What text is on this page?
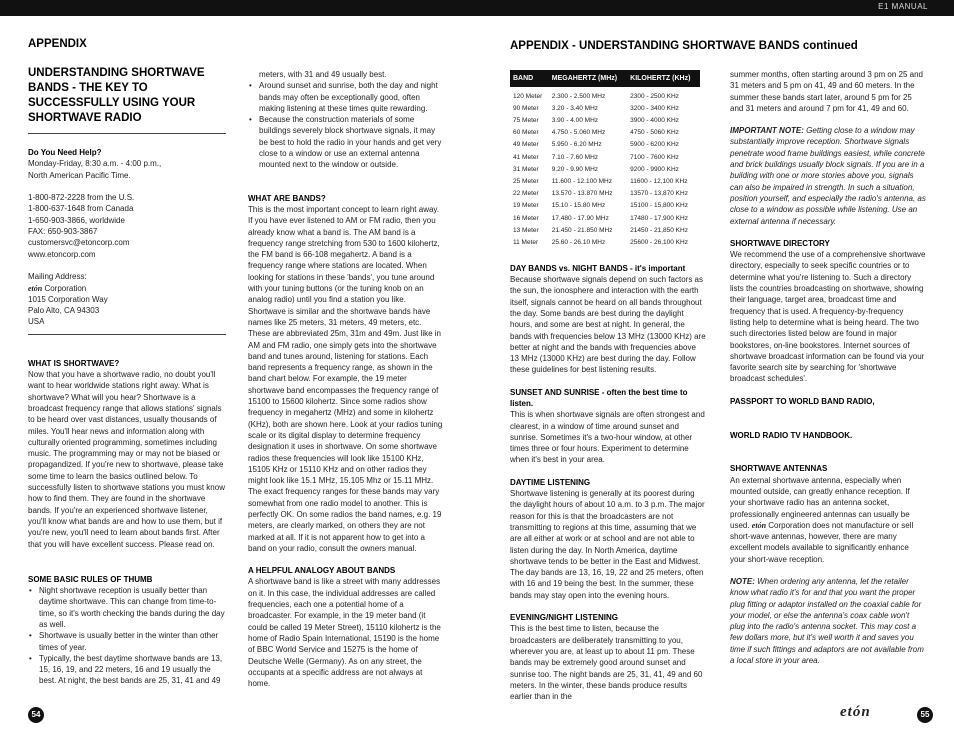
E1 MANUAL
APPENDIX

UNDERSTANDING SHORTWAVE BANDS - THE KEY TO SUCCESSFULLY USING YOUR SHORTWAVE RADIO

Do You Need Help?

Monday-Friday, 8:30 a.m. - 4:00 p.m.,
North American Pacific Time.
1-800-872-2228 from the U.S.
1-800-637-1648 from Canada
1-650-903-3866, worldwide
FAX: 650-903-3867
customersvc@etoncorp.com
www.etoncorp.com
Mailing Address:
etón Corporation
1015 Corporation Way
Palo Alto, CA 94303
USA

WHAT IS SHORTWAVE?

Now that you have a shortwave radio, no doubt you'll want to hear worldwide stations right away. What is shortwave? What will you hear? Shortwave is a broadcast frequency range that allows stations' signals to be heard over vast distances, usually thousands of miles. You'll hear news and information along with culturally oriented programming, sometimes including music. The programming may or may not be biased or propagandized. If you're new to shortwave, please take some time to learn the basics outlined below. To successfully listen to shortwave stations you must know how to find them. They are found in the shortwave bands. If you're an experienced shortwave listener, you'll know what bands are and how to use them, but if you're new, you'll need to learn about bands first. After that you will have excellent success. Please read on.

SOME BASIC RULES OF THUMB

• Night shortwave reception is usually better than daytime shortwave. This can change from time-to-time, so it's worth checking the bands during the day as well.
• Shortwave is usually better in the winter than other times of year.
• Typically, the best daytime shortwave bands are 13, 15, 16, 19, and 22 meters, 16 and 19 usually the best. At night, the best bands are 25, 31, 41 and 49

meters, with 31 and 49 usually best.

• Around sunset and sunrise, both the day and night bands may often be exceptionally good, often making listening at these times quite rewarding.
• Because the construction materials of some buildings severely block shortwave signals, it may be best to hold the radio in your hands and get very close to a window or use an external antenna mounted next to the window or outside.

WHAT ARE BANDS?

This is the most important concept to learn right away. If you have ever listened to AM or FM radio, then you already know what a band is. The AM band is a frequency range stretching from 530 to 1600 kilohertz, the FM band is 66-108 megahertz. A band is a frequency range where stations are located. When looking for stations in these 'bands', you tune around with your tuning buttons (or the tuning knob on an analog radio) until you find a station you like. Shortwave is similar and the shortwave bands have names like 25 meters, 31 meters, 49 meters, etc. These are abbreviated 25m, 31m and 49m. Just like in AM and FM radio, one simply gets into the shortwave band and tunes around, listening for stations. Each band represents a frequency range, as shown in the band chart below. For example, the 19 meter shortwave band encompasses the frequency range of 15100 to 15600 kilohertz. Since some radios show frequency in megahertz (MHz) and some in kilohertz (KHz), both are shown here. Look at your radios tuning scale or its digital display to determine frequency designation it uses in shortwave. On some shortwave radios these frequencies will look like 15100 KHz, 15105 KHz or 15110 KHz and on other radios they might look like 15.1 MHz, 15.105 Mhz or 15.11 MHz. The exact frequency ranges for these bands may vary somewhat from one radio model to another. This is perfectly OK. On some radios the band names, e.g. 19 meters, are clearly marked, on others they are not marked at all. If it is not apparent how to get into a band on your radio, consult the owners manual.

A HELPFUL ANALOGY ABOUT BANDS

A shortwave band is like a street with many addresses on it. In this case, the individual addresses are called frequencies, each one a potential home of a broadcaster. For example, in the 19 meter band (it could be called 19 Meter Street), 15110 kilohertz is the home of Radio Spain International, 15190 is the home of BBC World Service and 15275 is the home of Deutsche Welle (Germany). As on any street, the occupants at a specific address are not always at home.

54
APPENDIX - UNDERSTANDING SHORTWAVE BANDS continued
BAND	MEGAHERTZ (MHz)	KILOHERTZ (KHz)
120 Meter	2.300 - 2.500 MHz	2300 - 2500 KHz
90 Meter	3.20 - 3.40 MHz	3200 - 3400 KHz
75 Meter	3.90 - 4.00 MHz	3900 - 4000 KHz
60 Meter	4.750 - 5.060 MHz	4750 - 5060 KHz
49 Meter	5.950 - 6.20 MHz	5900 - 6200 KHz
41 Meter	7.10 - 7.60 MHz	7100 - 7600 KHz
31 Meter	9.20 - 9.90 MHz	9200 - 9900 KHz
25 Meter	11.600 - 12.100 MHz	11600 - 12,100 KHz
22 Meter	13.570 - 13.870 MHz	13570 - 13,870 KHz
19 Meter	15.10 - 15.80 MHz	15100 - 15,800 KHz
16 Meter	17.480 - 17.90 MHz	17480 - 17,900 KHz
13 Meter	21.450 - 21.850 MHz	21450 - 21,850 KHz
11 Meter	25.60 - 26.10 MHz	25600 - 26,100 KHz

DAY BANDS vs. NIGHT BANDS - it's important

Because shortwave signals depend on such factors as the sun, the ionosphere and interaction with the earth itself, signals cannot be heard on all bands throughout the day. Some bands are best during the daylight hours, and some are best at night. In general, the bands with frequencies below 13 MHz (13000 KHz) are better at night and the bands with frequencies above 13 MHz (13000 KHz) are best during the day. Follow these guidelines for best listening results.

SUNSET AND SUNRISE - often the best time to listen.

This is when shortwave signals are often strongest and clearest, in a window of time around sunset and sunrise. Sometimes it's a two-hour window, at other times three or four hours. Experiment to determine when it's best in your area.

DAYTIME LISTENING

Shortwave listening is generally at its poorest during the daylight hours of about 10 a.m. to 3 p.m. The major reason for this is that the broadcasters are not transmitting to regions at this time, assuming that we are all either at work or at school and are not able to listen during the day. In North America, daytime shortwave tends to be better in the East and Midwest. The day bands are 13, 16, 19, 22 and 25 meters, often with 16 and 19 being the best. In the summer, these bands may stay open into the evening hours.

EVENING/NIGHT LISTENING

This is the best time to listen, because the broadcasters are deliberately transmitting to you, wherever you are, at least up to about 11 pm. These bands may be extremely good around sunset and sunrise too. The night bands are 25, 31, 41, 49 and 60 meters. In the winter, these bands produce results earlier than in the

summer months, often starting around 3 pm on 25 and 31 meters and 5 pm on 41, 49 and 60 meters. In the summer these bands start later, around 5 pm for 25 and 31 meters and around 7 pm for 41, 49 and 60.

IMPORTANT NOTE: Getting close to a window may substantially improve reception. Shortwave signals penetrate wood frame buildings easiest, while concrete and brick buildings usually block signals. If you are in a building with one or more stories above you, signals can also be impaired in strength. In such a situation, position yourself, and especially the radio's antenna, as close to a window as possible while listening. Use an external antenna if necessary.

SHORTWAVE DIRECTORY

We recommend the use of a comprehensive shortwave directory, especially to seek specific countries or to determine what you're listening to. Such a directory lists the countries broadcasting on shortwave, showing their language, target area, broadcast time and frequency that is used. A frequency-by-frequency listing help to determine what is being heard. The two such directories listed below are found in major bookstores, on-line bookstores. Internet sources of shortwave broadcast information can be found via your favorite search site by searching for 'shortwave broadcast schedules'.

PASSPORT TO WORLD BAND RADIO,

WORLD RADIO TV HANDBOOK.

SHORTWAVE ANTENNAS

An external shortwave antenna, especially when mounted outside, can greatly enhance reception. If your shortwave radio has an antenna socket, professionally engineered antennas can usually be used. etón Corporation does not manufacture or sell short-wave antennas, however, there are many excellent models available to significantly enhance your short-wave reception.

NOTE: When ordering any antenna, let the retailer know what radio it's for and that you want the proper plug fitting or adaptor installed on the coaxial cable for your model, or else the antenna's coax cable won't plug into the radio's antenna socket. This may cost a few dollars more, but it's well worth it and saves you time if such fittings and adaptors are not available from a local store in your area.

etón	55
